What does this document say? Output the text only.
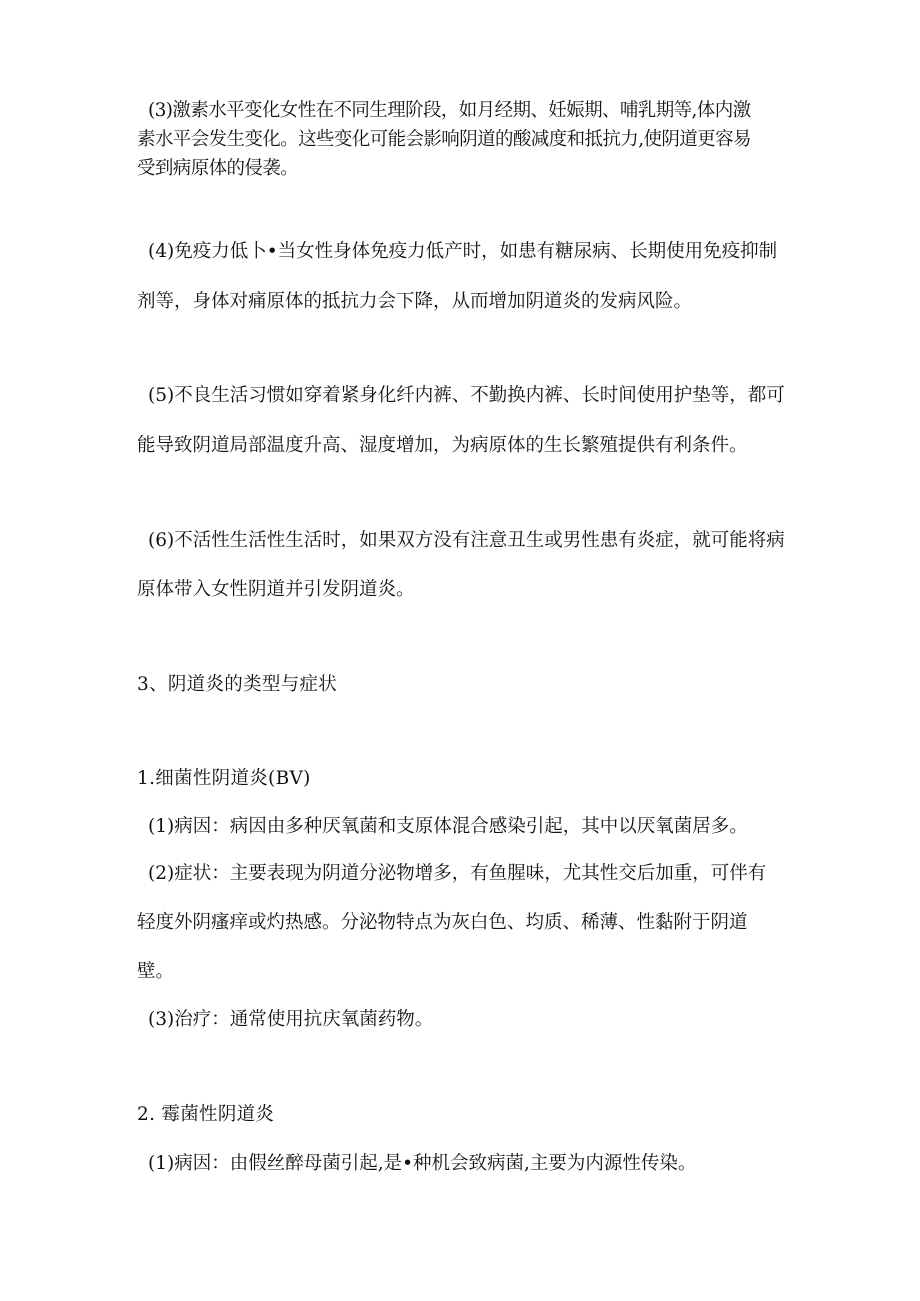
(3)激素水平变化女性在不同生理阶段，如月经期、妊娠期、哺乳期等,体内激
素水平会发生变化。这些变化可能会影响阴道的酸减度和抵抗力,使阴道更容易
受到病原体的侵袭。
(4)免疫力低卜•当女性身体免疫力低产时，如患有糖尿病、长期使用免疫抑制
剂等，身体对痛原体的抵抗力会下降，从而增加阴道炎的发病风险。
(5)不良生活习惯如穿着紧身化纤内裤、不勤换内裤、长时间使用护垫等，都可
能导致阴道局部温度升高、湿度增加，为病原体的生长繁殖提供有利条件。
(6)不活性生活性生活时，如果双方没有注意丑生或男性患有炎症，就可能将病
原体带入女性阴道并引发阴道炎。
3、阴道炎的类型与症状
1.细菌性阴道炎(BV)
(1)病因：病因由多种厌氧菌和支原体混合感染引起，其中以厌氧菌居多。
(2)症状：主要表现为阴道分泌物增多，有鱼腥味，尤其性交后加重，可伴有
轻度外阴瘙痒或灼热感。分泌物特点为灰白色、均质、稀薄、性黏附于阴道
壁。
(3)治疗：通常使用抗庆氧菌药物。
2. 霉菌性阴道炎
(1)病因：由假丝醉母菌引起,是•种机会致病菌,主要为内源性传染。
